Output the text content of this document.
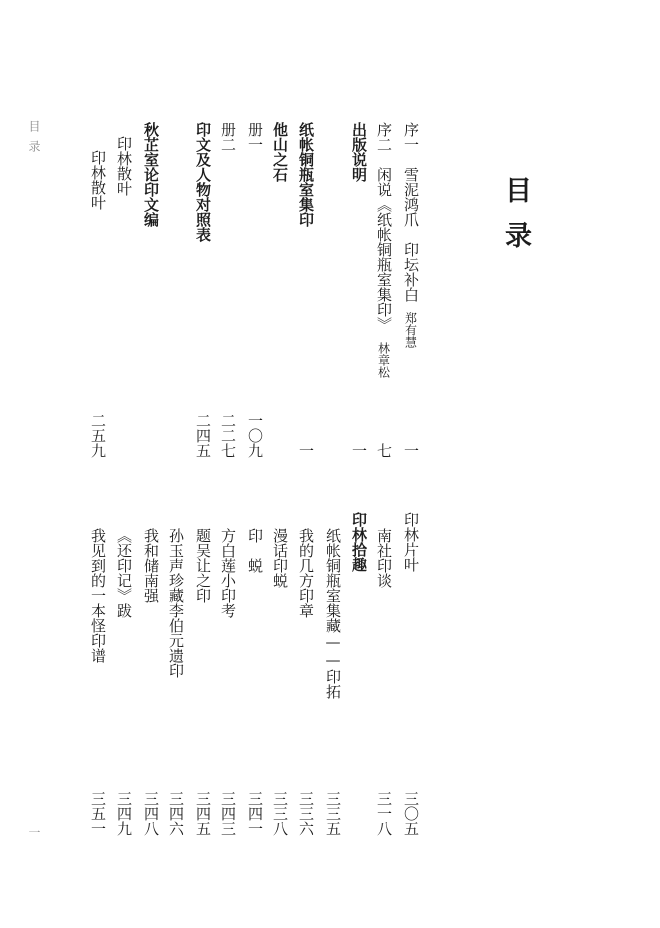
目录
一
目录
序一　雪泥鸿爪　印坛补白
郑有慧
一
序二　闲说《纸帐铜瓶室集印》
林章松
七
出版说明
一
纸帐铜瓶室集印
一
他山之石
册一
一〇九
册二
二二七
印文及人物对照表
二四五
秋芷室论印文编
印林散叶
印林散叶
二五九
印林片叶
三〇五
南社印谈
三一八
印林拾趣
纸帐铜瓶室集藏——印拓
三三五
我的几方印章
三三六
漫话印蜕
三三八
印　蜕
三四一
方白莲小印考
三四三
题吴让之印
三四五
孙玉声珍藏李伯元遗印
三四六
我和储南强
三四八
《还印记》跋
三四九
我见到的一本怪印谱
三五一
